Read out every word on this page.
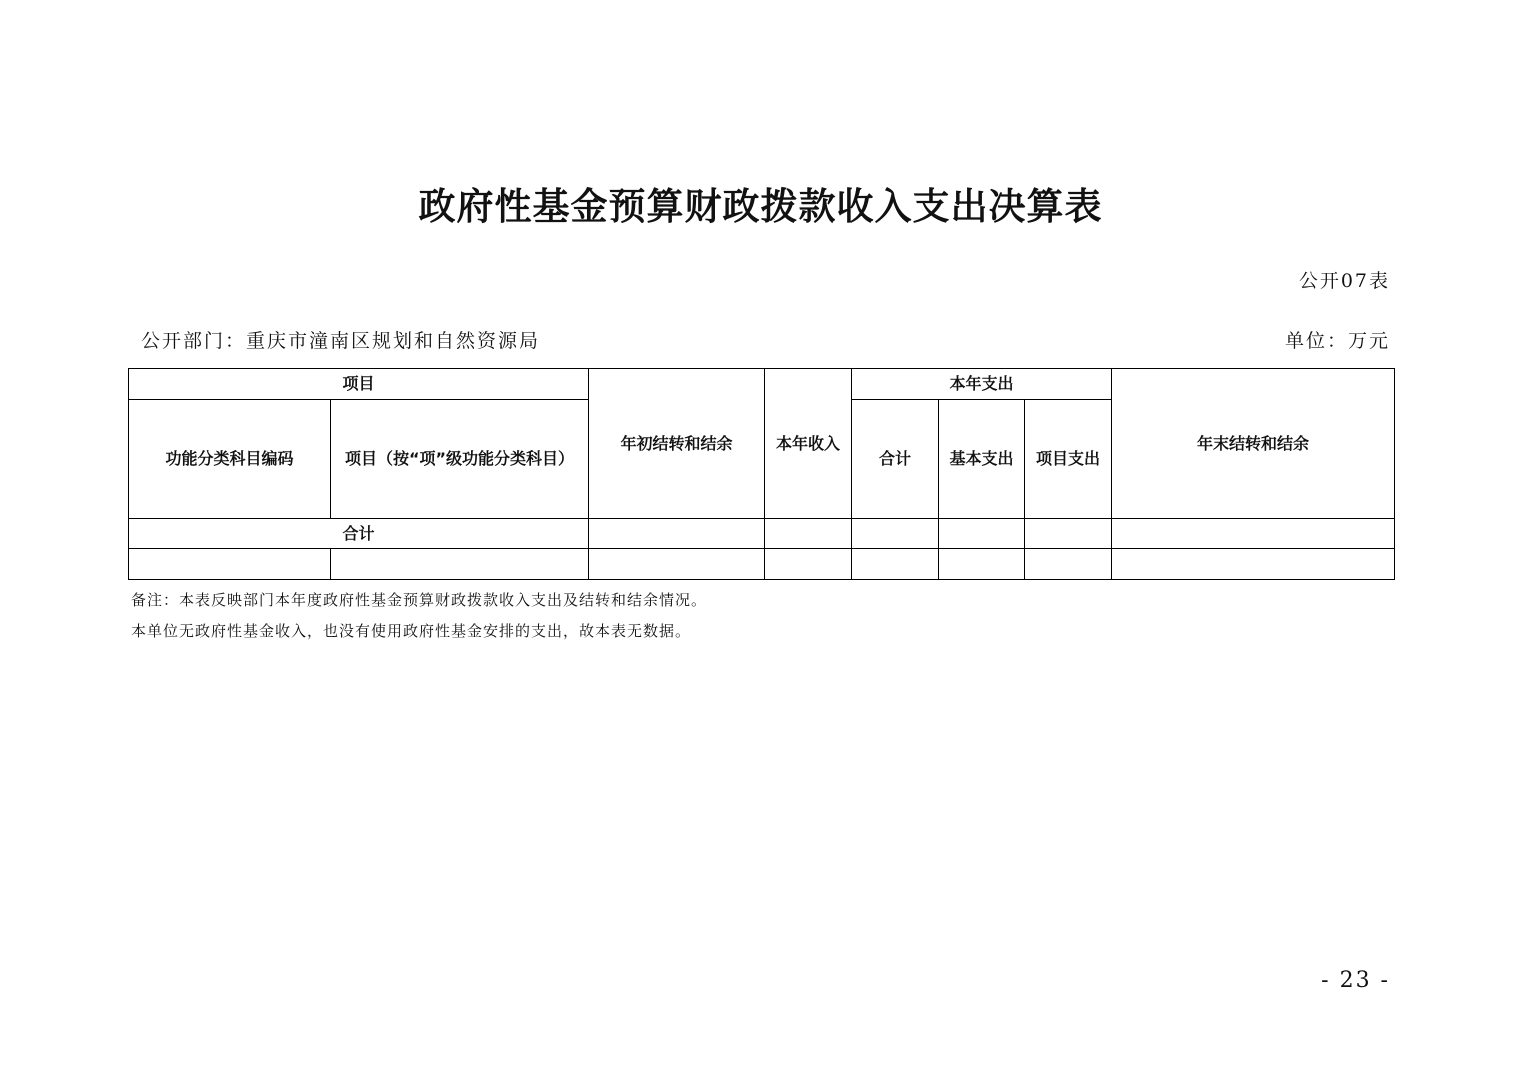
政府性基金预算财政拨款收入支出决算表
公开07表
公开部门：重庆市潼南区规划和自然资源局	单位：万元
项目		年初结转和结余	本年收入	本年支出			年末结转和结余
功能分类科目编码	项目（按“项”级功能分类科目）			合计	基本支出	项目支出	
合计							

备注：本表反映部门本年度政府性基金预算财政拨款收入支出及结转和结余情况。
本单位无政府性基金收入，也没有使用政府性基金安排的支出，故本表无数据。
- 23 -
